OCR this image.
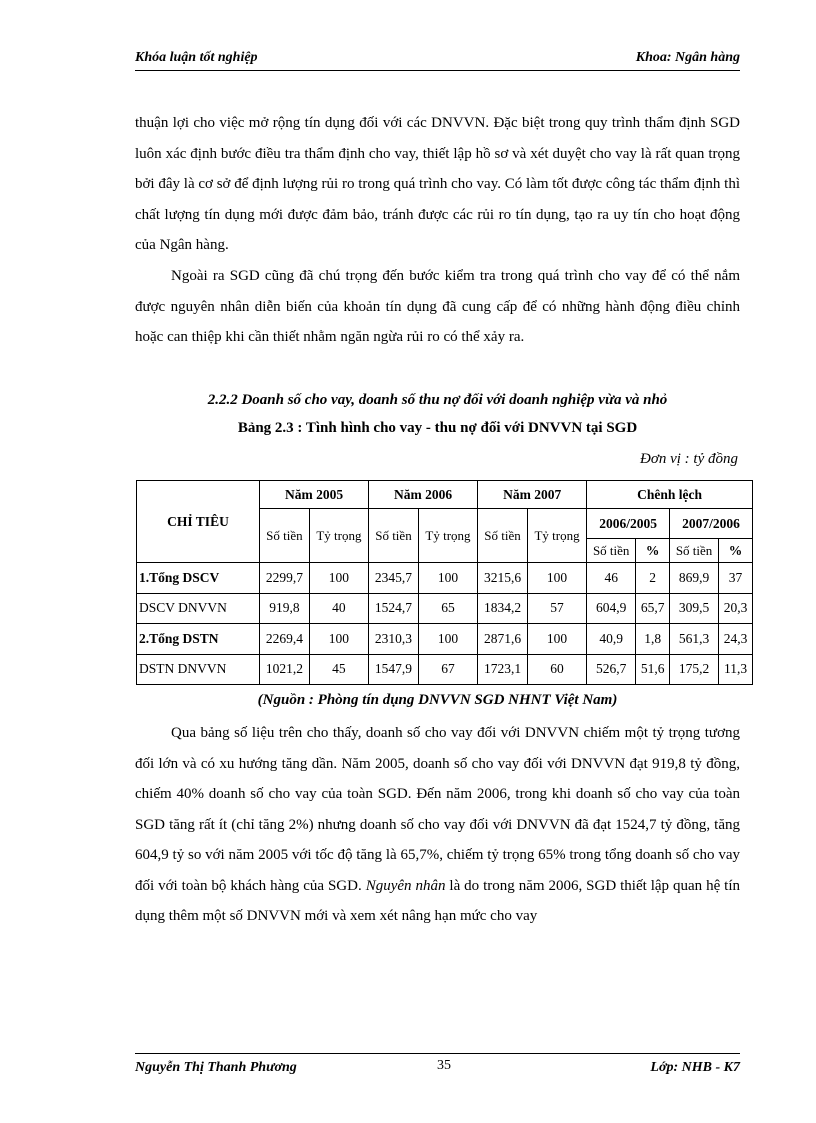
Khóa luận tốt nghiệp	Khoa: Ngân hàng
thuận lợi cho việc mở rộng tín dụng đối với các DNVVN. Đặc biệt trong quy trình thẩm định SGD luôn xác định bước điều tra thẩm định cho vay, thiết lập hồ sơ và xét duyệt cho vay là rất quan trọng bởi đây là cơ sở để định lượng rủi ro trong quá trình cho vay. Có làm tốt được công tác thẩm định thì chất lượng tín dụng mới được đảm bảo, tránh được các rủi ro tín dụng, tạo ra uy tín cho hoạt động của Ngân hàng.
Ngoài ra SGD cũng đã chú trọng đến bước kiểm tra trong quá trình cho vay để có thể nắm được nguyên nhân diễn biến của khoản tín dụng đã cung cấp để có những hành động điều chỉnh hoặc can thiệp khi cần thiết nhằm ngăn ngừa rủi ro có thể xảy ra.
2.2.2 Doanh số cho vay, doanh số thu nợ đối với doanh nghiệp vừa và nhỏ
Bảng 2.3 : Tình hình cho vay - thu nợ đối với DNVVN tại SGD
Đơn vị : tỷ đồng
CHỈ TIÊU	Năm 2005		Năm 2006		Năm 2007		Chênh lệch			
	Số tiền	Tỷ trọng	Số tiền	Tỷ trọng	Số tiền	Tỷ trọng	2006/2005		2007/2006	
							Số tiền	%	Số tiền	%
1.Tổng DSCV	2299,7	100	2345,7	100	3215,6	100	46	2	869,9	37
DSCV DNVVN	919,8	40	1524,7	65	1834,2	57	604,9	65,7	309,5	20,3
2.Tổng DSTN	2269,4	100	2310,3	100	2871,6	100	40,9	1,8	561,3	24,3
DSTN DNVVN	1021,2	45	1547,9	67	1723,1	60	526,7	51,6	175,2	11,3
(Nguồn : Phòng tín dụng DNVVN SGD NHNT Việt Nam)
Qua bảng số liệu trên cho thấy, doanh số cho vay đối với DNVVN chiếm một tỷ trọng tương đối lớn và có xu hướng tăng dần. Năm 2005, doanh số cho vay đối với DNVVN đạt 919,8 tỷ đồng, chiếm 40% doanh số cho vay của toàn SGD. Đến năm 2006, trong khi doanh số cho vay của toàn SGD tăng rất ít (chỉ tăng 2%) nhưng doanh số cho vay đối với DNVVN đã đạt 1524,7 tỷ đồng, tăng 604,9 tỷ so với năm 2005 với tốc độ tăng là 65,7%, chiếm tỷ trọng 65% trong tổng doanh số cho vay đối với toàn bộ khách hàng của SGD. Nguyên nhân là do trong năm 2006, SGD thiết lập quan hệ tín dụng thêm một số DNVVN mới và xem xét nâng hạn mức cho vay
Nguyễn Thị Thanh Phương	35	Lớp: NHB - K7
